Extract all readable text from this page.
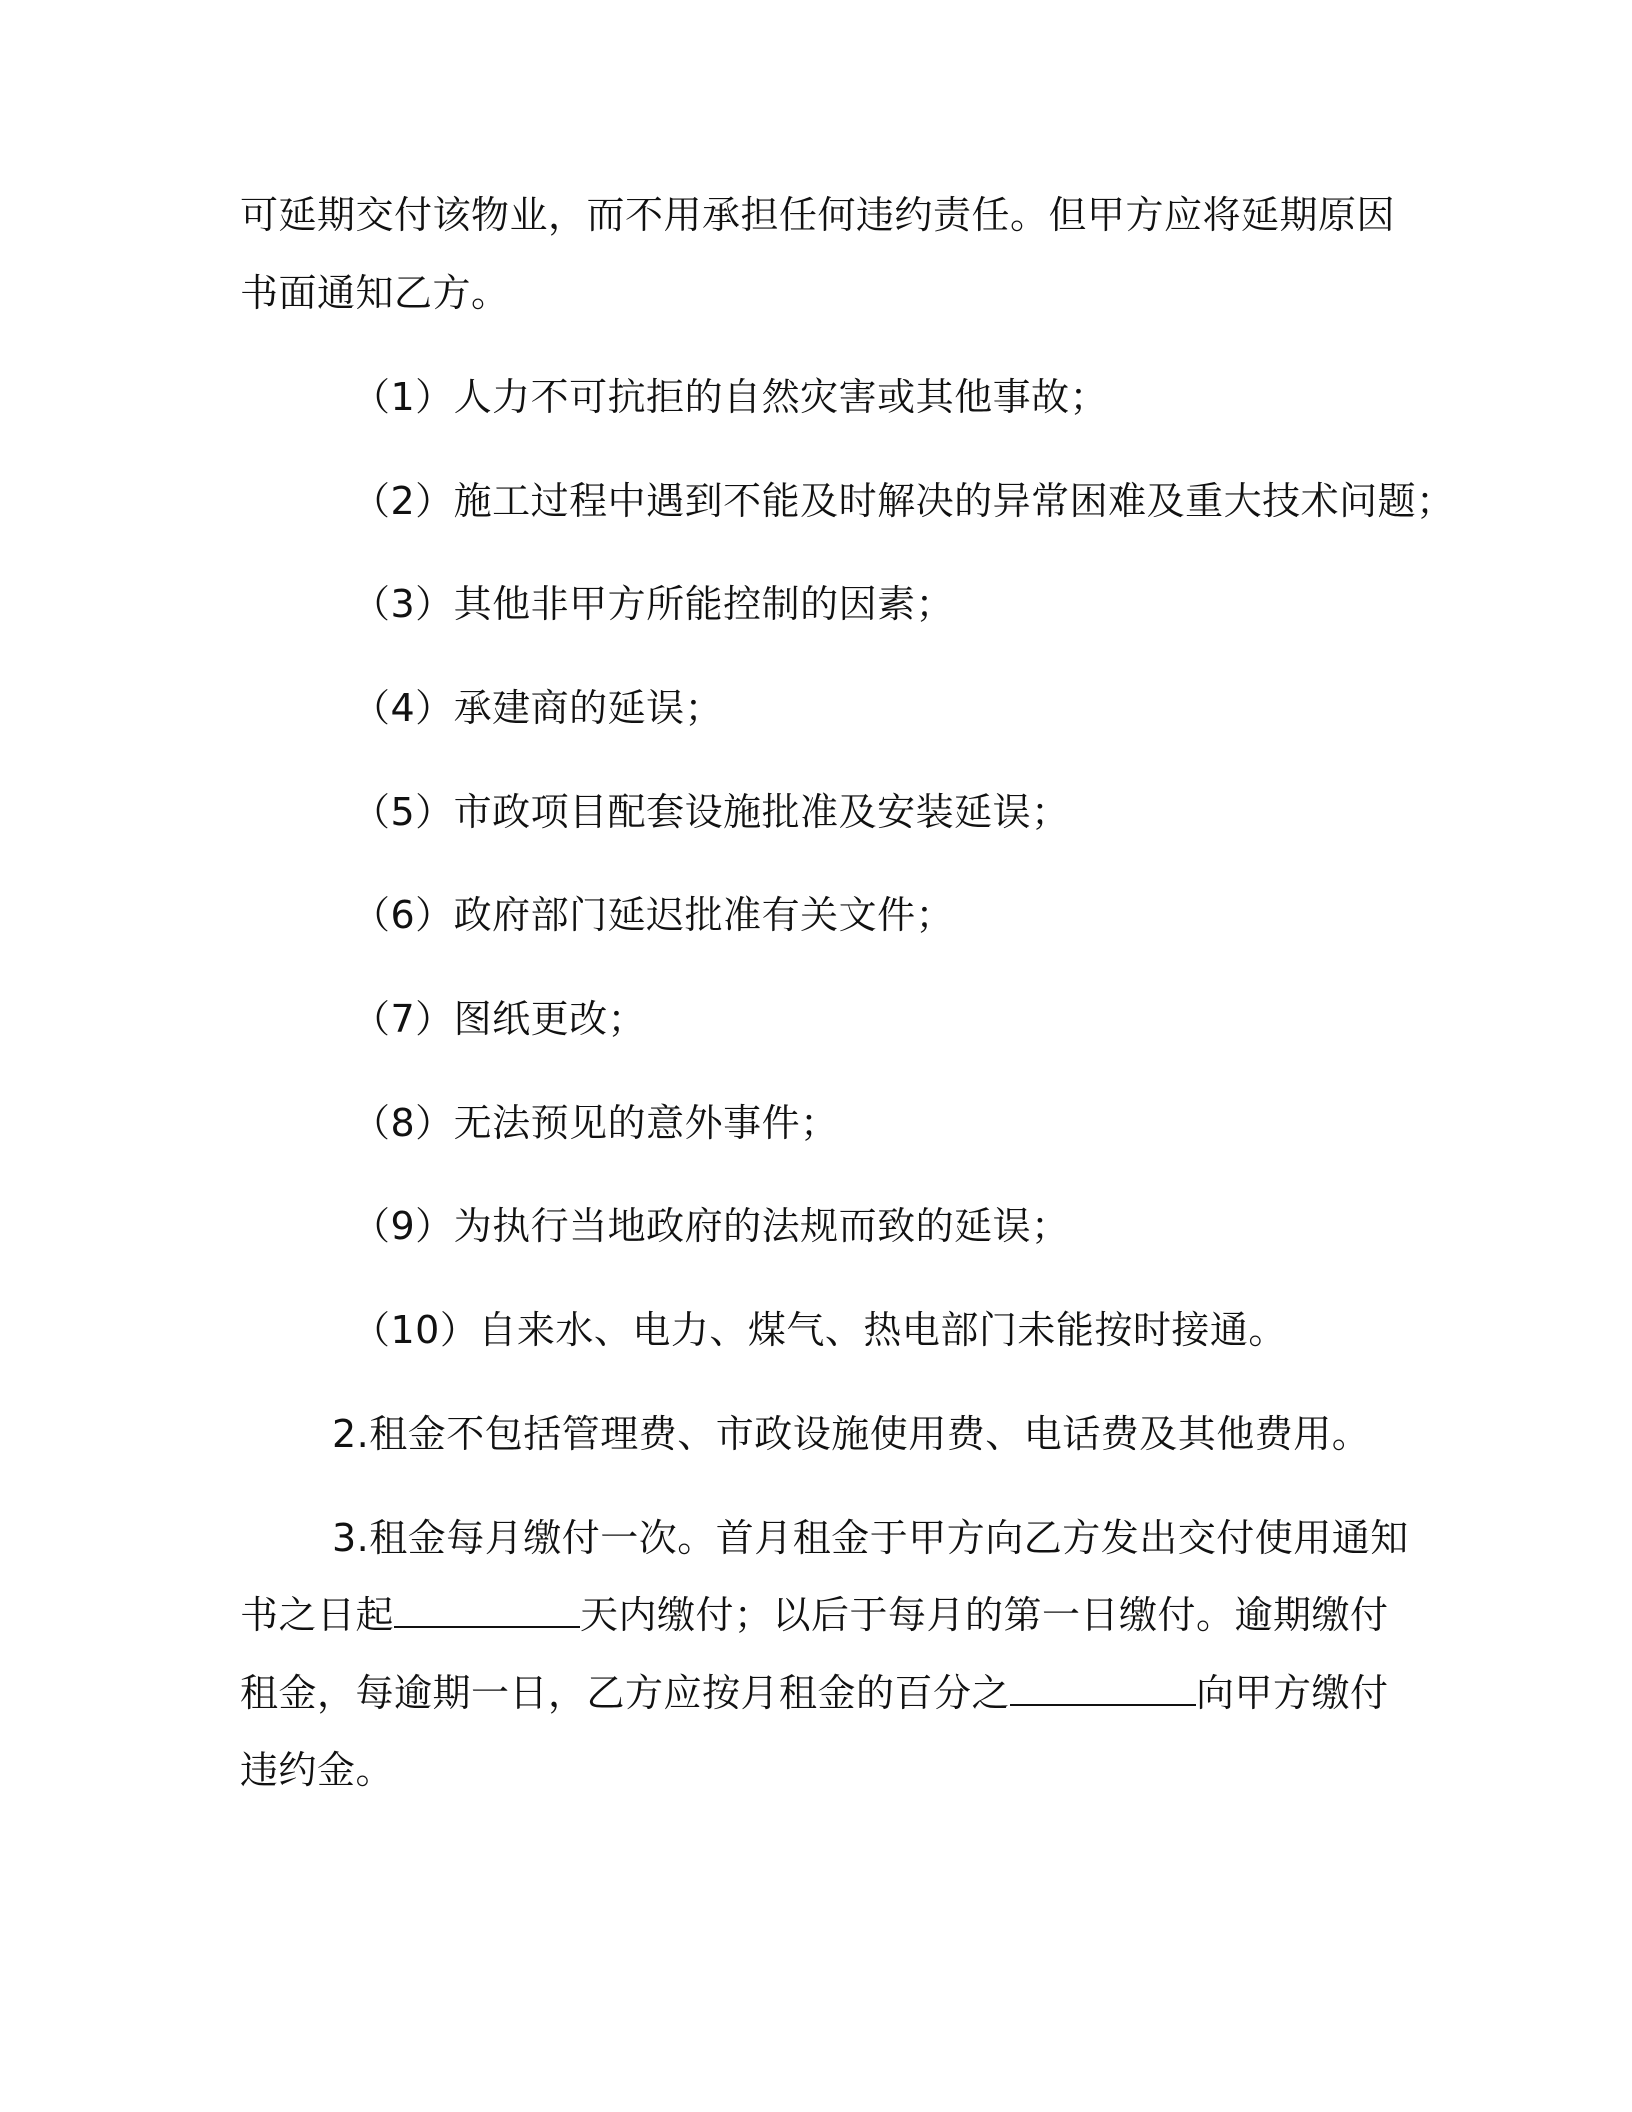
可延期交付该物业，而不用承担任何违约责任。但甲方应将延期原因
书面通知乙方。
（1）人力不可抗拒的自然灾害或其他事故；
（2）施工过程中遇到不能及时解决的异常困难及重大技术问题；
（3）其他非甲方所能控制的因素；
（4）承建商的延误；
（5）市政项目配套设施批准及安装延误；
（6）政府部门延迟批准有关文件；
（7）图纸更改；
（8）无法预见的意外事件；
（9）为执行当地政府的法规而致的延误；
（10）自来水、电力、煤气、热电部门未能按时接通。
2.租金不包括管理费、市政设施使用费、电话费及其他费用。
3.租金每月缴付一次。首月租金于甲方向乙方发出交付使用通知
书之日起	天内缴付；以后于每月的第一日缴付。逾期缴付
租金，每逾期一日，乙方应按月租金的百分之	向甲方缴付
违约金。
